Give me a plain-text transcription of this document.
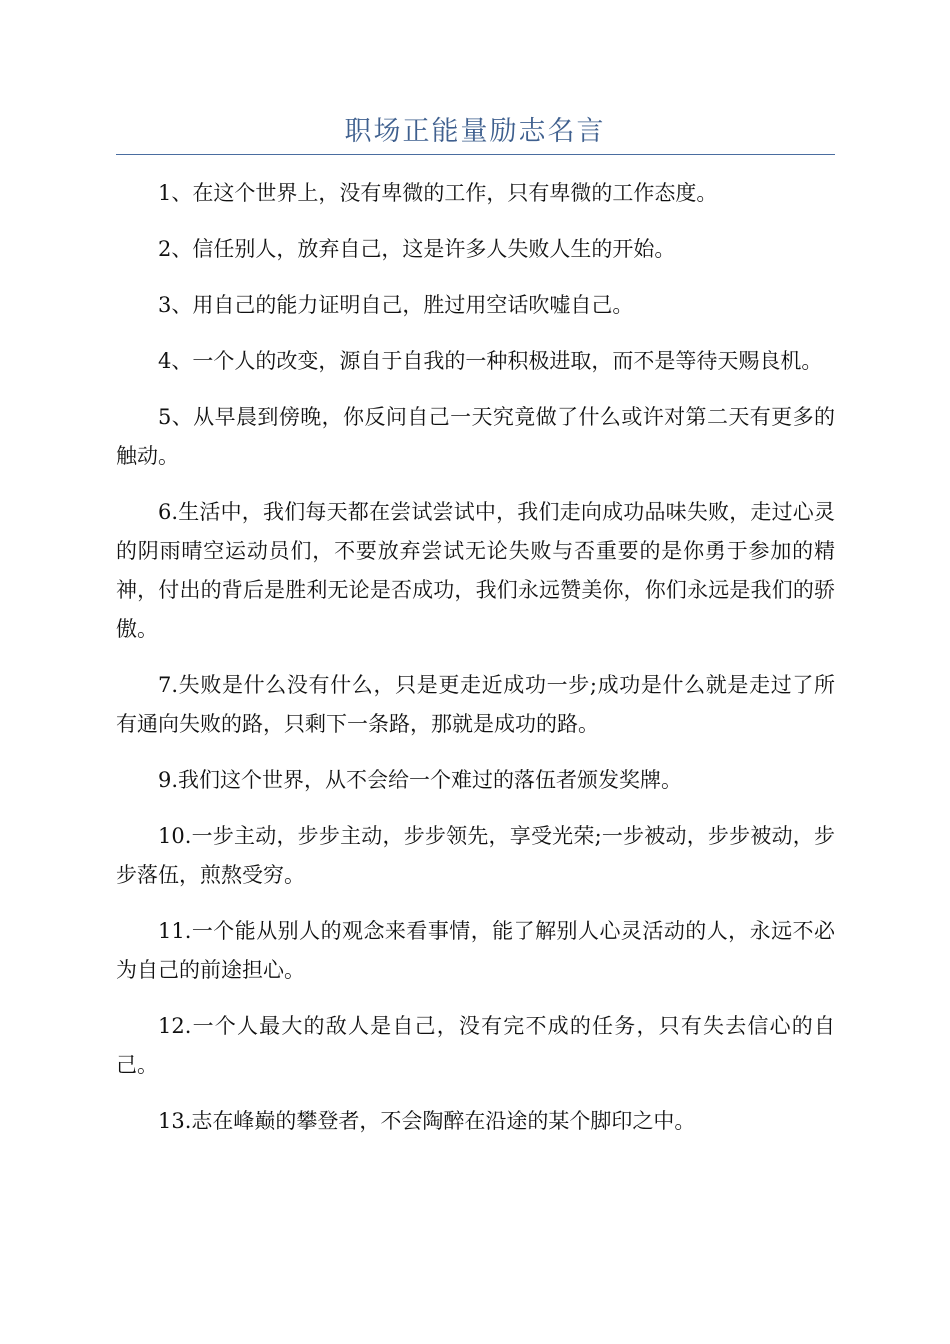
职场正能量励志名言

1、在这个世界上，没有卑微的工作，只有卑微的工作态度。

2、信任别人，放弃自己，这是许多人失败人生的开始。

3、用自己的能力证明自己，胜过用空话吹嘘自己。

4、一个人的改变，源自于自我的一种积极进取，而不是等待天赐良机。

5、从早晨到傍晚，你反问自己一天究竟做了什么或许对第二天有更多的触动。

6.生活中，我们每天都在尝试尝试中，我们走向成功品味失败，走过心灵的阴雨晴空运动员们，不要放弃尝试无论失败与否重要的是你勇于参加的精神，付出的背后是胜利无论是否成功，我们永远赞美你，你们永远是我们的骄傲。

7.失败是什么没有什么，只是更走近成功一步;成功是什么就是走过了所有通向失败的路，只剩下一条路，那就是成功的路。

9.我们这个世界，从不会给一个难过的落伍者颁发奖牌。

10.一步主动，步步主动，步步领先，享受光荣;一步被动，步步被动，步步落伍，煎熬受穷。

11.一个能从别人的观念来看事情，能了解别人心灵活动的人，永远不必为自己的前途担心。

12.一个人最大的敌人是自己，没有完不成的任务，只有失去信心的自己。

13.志在峰巅的攀登者，不会陶醉在沿途的某个脚印之中。
